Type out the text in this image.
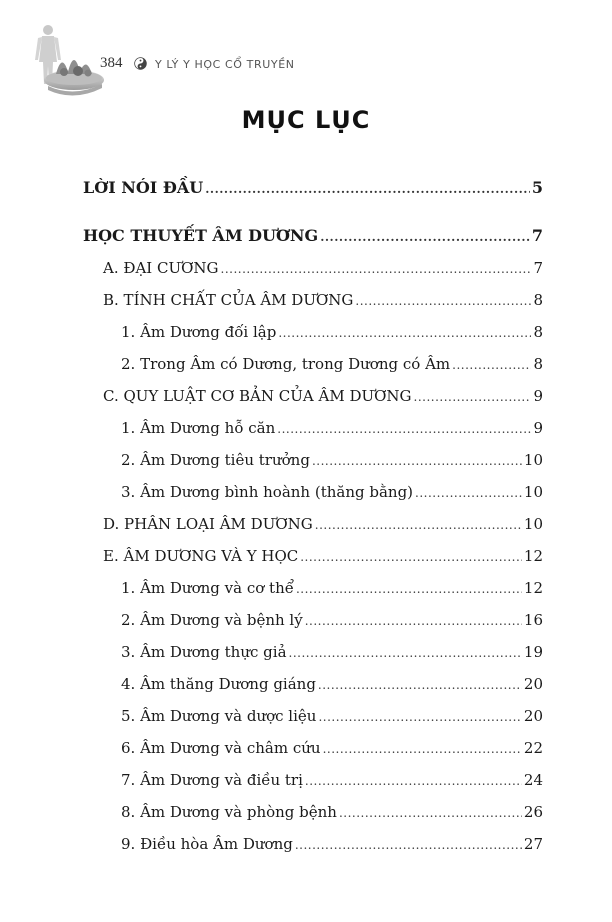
384	Y LÝ Y HỌC CỔ TRUYỀN
MỤC LỤC
LỜI NÓI ĐẦU .....	5
HỌC THUYẾT ÂM DƯƠNG .....	7
A. ĐẠI CƯƠNG .....	7
B. TÍNH CHẤT CỦA ÂM DƯƠNG .....	8
1. Âm Dương đối lập .....	8
2. Trong Âm có Dương, trong Dương có Âm .....	8
C. QUY LUẬT CƠ BẢN CỦA ÂM DƯƠNG .....	9
1. Âm Dương hỗ căn .....	9
2. Âm Dương tiêu trưởng .....	10
3. Âm Dương bình hoành (thăng bằng) .....	10
D. PHÂN LOẠI ÂM DƯƠNG .....	10
E. ÂM DƯƠNG VÀ Y HỌC .....	12
1. Âm Dương và cơ thể .....	12
2. Âm Dương và bệnh lý .....	16
3. Âm Dương thực giả .....	19
4. Âm thăng Dương giáng .....	20
5. Âm Dương và dược liệu .....	20
6. Âm Dương và châm cứu .....	22
7. Âm Dương và điều trị .....	24
8. Âm Dương và phòng bệnh .....	26
9. Điều hòa Âm Dương .....	27
